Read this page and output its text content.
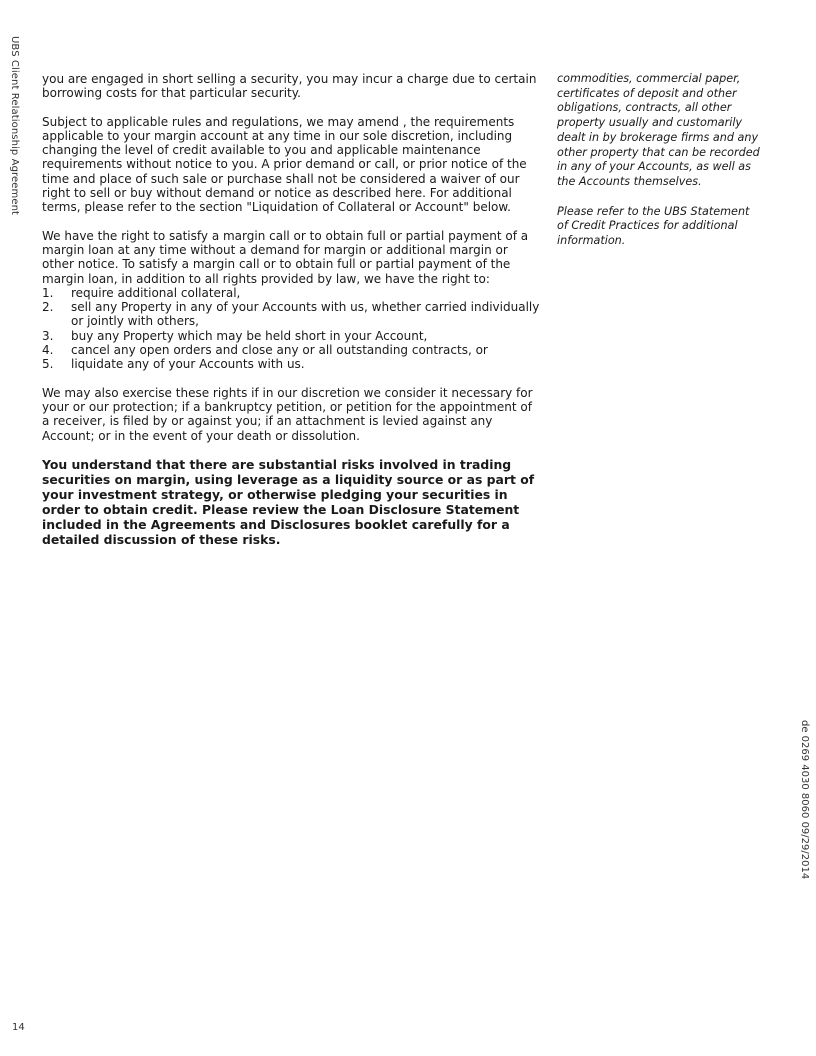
UBS Client Relationship Agreement you are engaged in short selling a security, you may incur a charge due to certain borrowing costs for that particular security.

Subject to applicable rules and regulations, we may amend , the requirements applicable to your margin account at any time in our sole discretion, including changing the level of credit available to you and applicable maintenance requirements without notice to you. A prior demand or call, or prior notice of the time and place of such sale or purchase shall not be considered a waiver of our right to sell or buy without demand or notice as described here. For additional terms, please refer to the section "Liquidation of Collateral or Account" below.

We have the right to satisfy a margin call or to obtain full or partial payment of a margin loan at any time without a demand for margin or additional margin or other notice. To satisfy a margin call or to obtain full or partial payment of the margin loan, in addition to all rights provided by law, we have the right to:

1.	require additional collateral,
2.	sell any Property in any of your Accounts with us, whether carried individually or jointly with others,
3.	buy any Property which may be held short in your Account,
4.	cancel any open orders and close any or all outstanding contracts, or
5.	liquidate any of your Accounts with us.

We may also exercise these rights if in our discretion we consider it necessary for your or our protection; if a bankruptcy petition, or petition for the appointment of a receiver, is filed by or against you; if an attachment is levied against any Account; or in the event of your death or dissolution.

You understand that there are substantial risks involved in trading securities on margin, using leverage as a liquidity source or as part of your investment strategy, or otherwise pledging your securities in order to obtain credit. Please review the Loan Disclosure Statement included in the Agreements and Disclosures booklet carefully for a detailed discussion of these risks.

commodities, commercial paper, certificates of deposit and other obligations, contracts, all other property usually and customarily dealt in by brokerage firms and any other property that can be recorded in any of your Accounts, as well as the Accounts themselves.

Please refer to the UBS Statement of Credit Practices for additional information.

de 0269 4030 8060 09/29/2014
14
